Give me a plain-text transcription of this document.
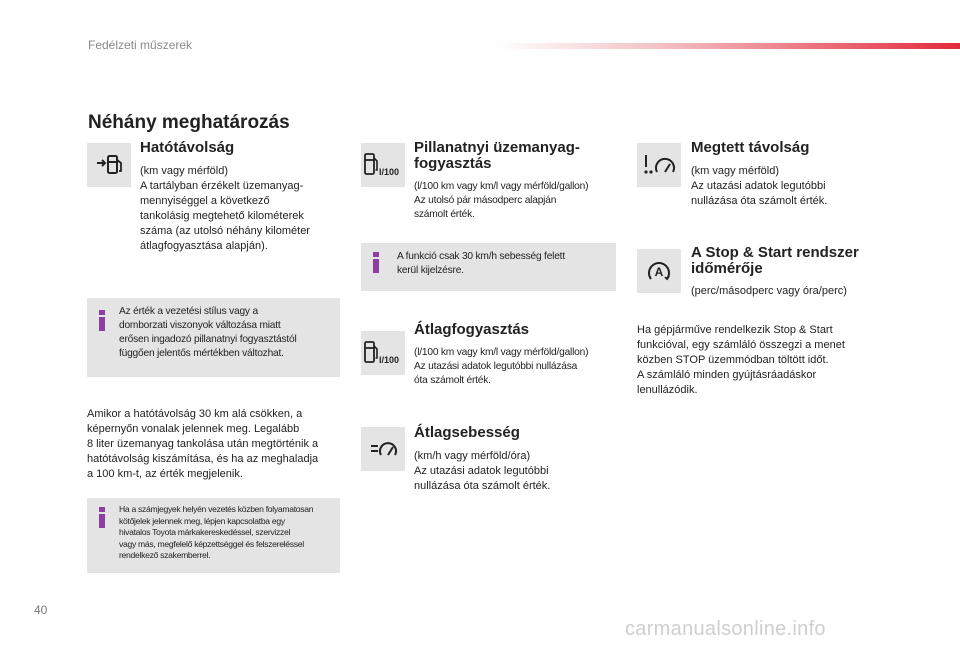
Fedélzeti műszerek
Néhány meghatározás
Hatótávolság
(km vagy mérföld)
A tartályban érzékelt üzemanyag-
mennyiséggel a következő
tankolásig megtehető kilométerek
száma (az utolsó néhány kilométer
átlagfogyasztása alapján).
Az érték a vezetési stílus vagy a
domborzati viszonyok változása miatt
erősen ingadozó pillanatnyi fogyasztástól
függően jelentős mértékben változhat.
Amikor a hatótávolság 30 km alá csökken, a
képernyőn vonalak jelennek meg. Legalább
8 liter üzemanyag tankolása után megtörténik a
hatótávolság kiszámítása, és ha az meghaladja
a 100 km-t, az érték megjelenik.
Ha a számjegyek helyén vezetés közben folyamatosan
kötőjelek jelennek meg, lépjen kapcsolatba egy
hivatalos Toyota márkakereskedéssel, szervizzel
vagy más, megfelelő képzettséggel és felszereléssel
rendelkező szakemberrel.
l/100
Pillanatnyi üzemanyag-
fogyasztás
(l/100 km vagy km/l vagy mérföld/gallon)
Az utolsó pár másodperc alapján
számolt érték.
A funkció csak 30 km/h sebesség felett
kerül kijelzésre.
l/100
Átlagfogyasztás
(l/100 km vagy km/l vagy mérföld/gallon)
Az utazási adatok legutóbbi nullázása
óta számolt érték.
Átlagsebesség
(km/h vagy mérföld/óra)
Az utazási adatok legutóbbi
nullázása óta számolt érték.
Megtett távolság
(km vagy mérföld)
Az utazási adatok legutóbbi
nullázása óta számolt érték.
A
A Stop & Start rendszer
időmérője
(perc/másodperc vagy óra/perc)
Ha gépjárműve rendelkezik Stop & Start
funkcióval, egy számláló összegzi a menet
közben STOP üzemmódban töltött időt.
A számláló minden gyújtásráadáskor
lenullázódik.
40
carmanualsonline.info
